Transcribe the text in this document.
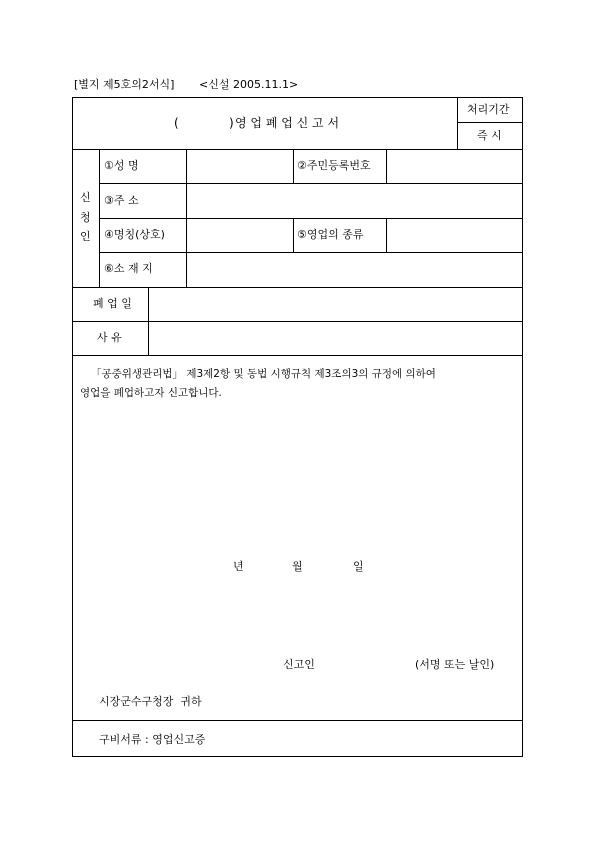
[별지 제5호의2서식] <신설 2005.11.1>
(	) 영 업 폐 업 신 고 서
처리기간
즉 시
신
청
인
①성 명	②주민등록번호
③주 소
④명칭(상호)	⑤영업의 종류
⑥소 재 지
폐 업 일
사 유
「공중위생관리법」 제3제2항 및 동법 시행규칙 제3조의3의 규정에 의하여
영업을 폐업하고자 신고합니다.
년	월	일
신고인	(서명 또는 날인)
시장군수구청장  귀하
구비서류 : 영업신고증
